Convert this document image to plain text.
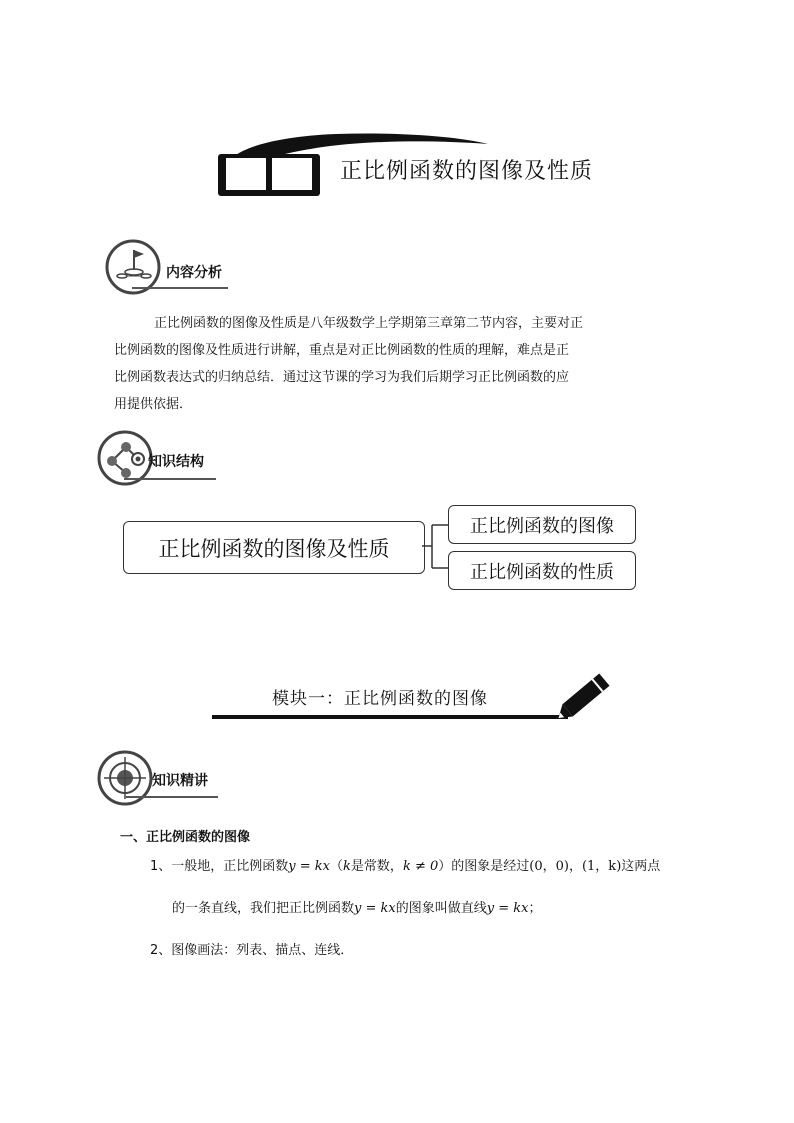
正比例函数的图像及性质
内容分析
正比例函数的图像及性质是八年级数学上学期第三章第二节内容，主要对正
比例函数的图像及性质进行讲解，重点是对正比例函数的性质的理解，难点是正
比例函数表达式的归纳总结．通过这节课的学习为我们后期学习正比例函数的应
用提供依据．
知识结构
正比例函数的图像及性质
正比例函数的图像
正比例函数的性质
模块一：正比例函数的图像
知识精讲
一、正比例函数的图像
1、一般地，正比例函数y = kx（k是常数，k ≠ 0）的图象是经过(0，0)，(1，k)这两点
的一条直线，我们把正比例函数y = kx的图象叫做直线y = kx；
2、图像画法：列表、描点、连线．
